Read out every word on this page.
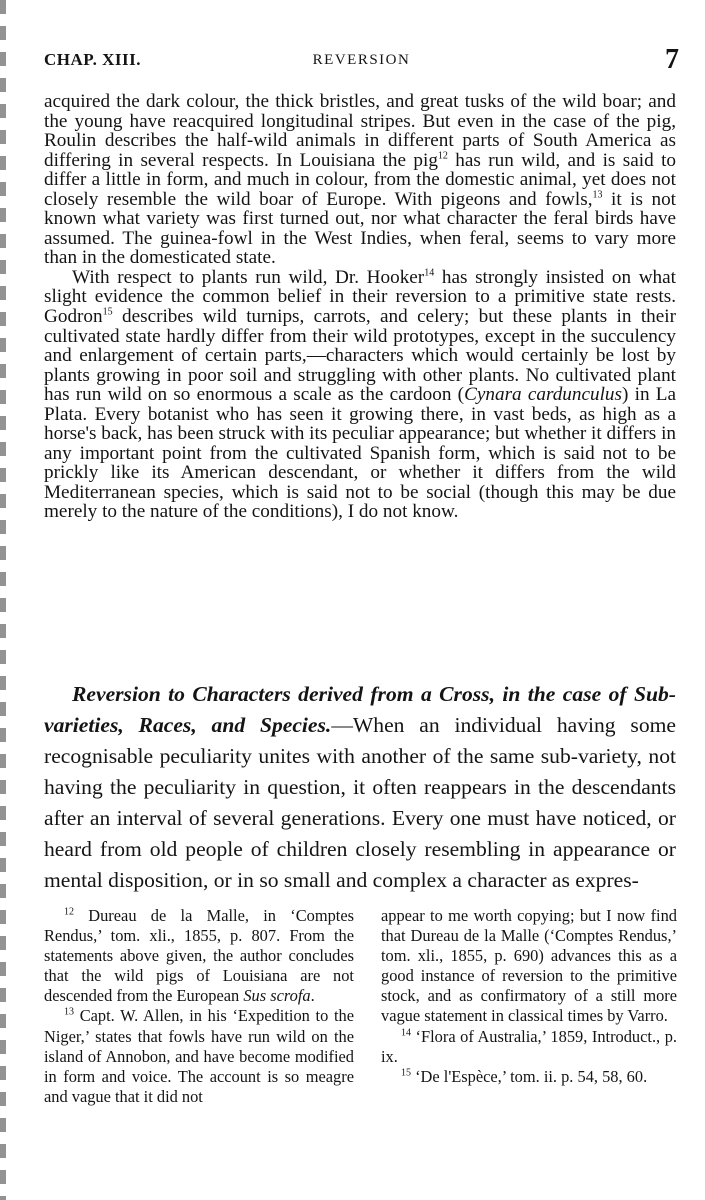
CHAP. XIII.	REVERSION	7

acquired the dark colour, the thick bristles, and great tusks of the wild boar; and the young have reacquired longitudinal stripes. But even in the case of the pig, Roulin describes the half-wild animals in different parts of South America as differing in several respects. In Louisiana the pig$^{12}$ has run wild, and is said to differ a little in form, and much in colour, from the domestic animal, yet does not closely resemble the wild boar of Europe. With pigeons and fowls,$^{13}$ it is not known what variety was first turned out, nor what character the feral birds have assumed. The guinea-fowl in the West Indies, when feral, seems to vary more than in the domesticated state.

With respect to plants run wild, Dr. Hooker$^{14}$ has strongly insisted on what slight evidence the common belief in their reversion to a primitive state rests. Godron$^{15}$ describes wild turnips, carrots, and celery; but these plants in their cultivated state hardly differ from their wild prototypes, except in the succulency and enlargement of certain parts,—characters which would certainly be lost by plants growing in poor soil and struggling with other plants. No cultivated plant has run wild on so enormous a scale as the cardoon (Cynara cardunculus) in La Plata. Every botanist who has seen it growing there, in vast beds, as high as a horse's back, has been struck with its peculiar appearance; but whether it differs in any important point from the cultivated Spanish form, which is said not to be prickly like its American descendant, or whether it differs from the wild Mediterranean species, which is said not to be social (though this may be due merely to the nature of the conditions), I do not know.

Reversion to Characters derived from a Cross, in the case of Sub-varieties, Races, and Species.—When an individual having some recognisable peculiarity unites with another of the same sub-variety, not having the peculiarity in question, it often reappears in the descendants after an interval of several generations. Every one must have noticed, or heard from old people of children closely resembling in appearance or mental disposition, or in so small and complex a character as expres-

$^{12}$ Dureau de la Malle, in ‘Comptes Rendus,’ tom. xli., 1855, p. 807. From the statements above given, the author concludes that the wild pigs of Louisiana are not descended from the European Sus scrofa.

$^{13}$ Capt. W. Allen, in his ‘Expedition to the Niger,’ states that fowls have run wild on the island of Annobon, and have become modified in form and voice. The account is so meagre and vague that it did not

appear to me worth copying; but I now find that Dureau de la Malle (‘Comptes Rendus,’ tom. xli., 1855, p. 690) advances this as a good instance of reversion to the primitive stock, and as confirmatory of a still more vague statement in classical times by Varro.

$^{14}$ ‘Flora of Australia,’ 1859, Introduct., p. ix.

$^{15}$ ‘De l'Espèce,’ tom. ii. p. 54, 58, 60.
